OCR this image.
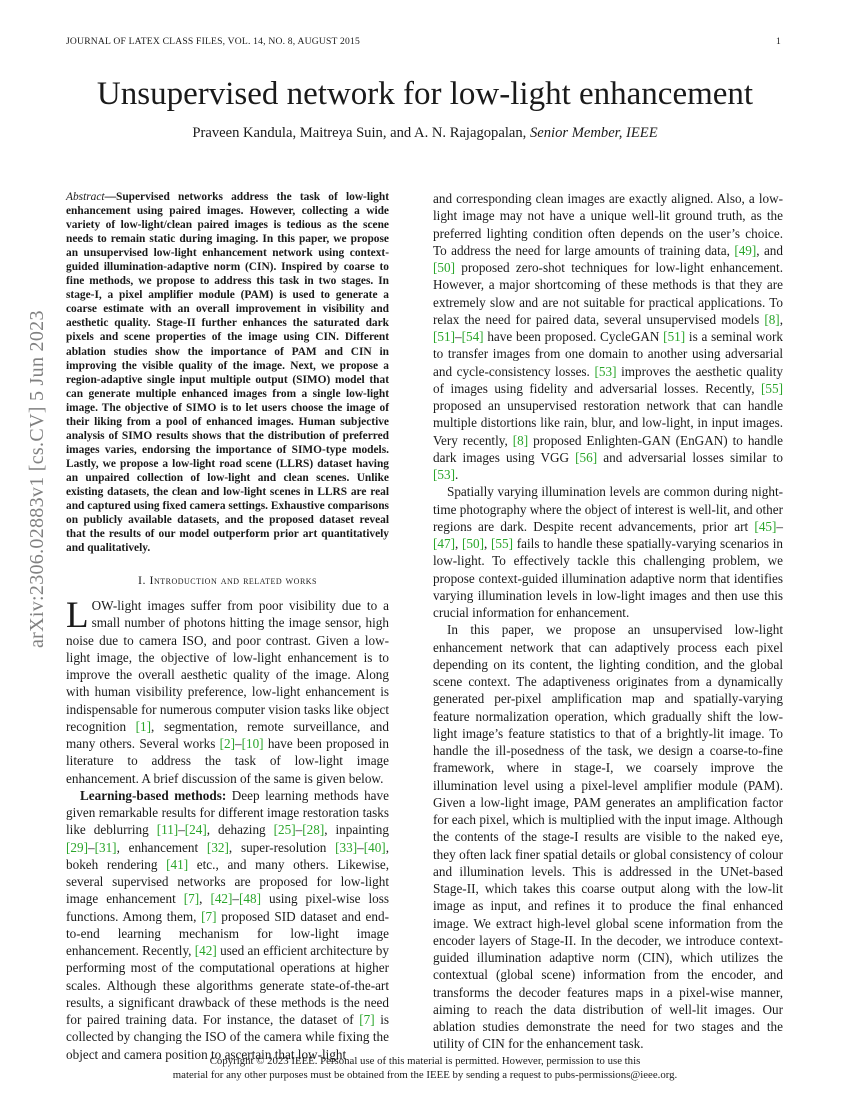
JOURNAL OF LATEX CLASS FILES, VOL. 14, NO. 8, AUGUST 2015	1
arXiv:2306.02883v1 [cs.CV] 5 Jun 2023
Unsupervised network for low-light enhancement
Praveen Kandula, Maitreya Suin, and A. N. Rajagopalan, Senior Member, IEEE
Abstract—Supervised networks address the task of low-light enhancement using paired images. However, collecting a wide variety of low-light/clean paired images is tedious as the scene needs to remain static during imaging. In this paper, we propose an unsupervised low-light enhancement network using context-guided illumination-adaptive norm (CIN). Inspired by coarse to fine methods, we propose to address this task in two stages. In stage-I, a pixel amplifier module (PAM) is used to generate a coarse estimate with an overall improvement in visibility and aesthetic quality. Stage-II further enhances the saturated dark pixels and scene properties of the image using CIN. Different ablation studies show the importance of PAM and CIN in improving the visible quality of the image. Next, we propose a region-adaptive single input multiple output (SIMO) model that can generate multiple enhanced images from a single low-light image. The objective of SIMO is to let users choose the image of their liking from a pool of enhanced images. Human subjective analysis of SIMO results shows that the distribution of preferred images varies, endorsing the importance of SIMO-type models. Lastly, we propose a low-light road scene (LLRS) dataset having an unpaired collection of low-light and clean scenes. Unlike existing datasets, the clean and low-light scenes in LLRS are real and captured using fixed camera settings. Exhaustive comparisons on publicly available datasets, and the proposed dataset reveal that the results of our model outperform prior art quantitatively and qualitatively.
I. Introduction and related works

LOW-light images suffer from poor visibility due to a small number of photons hitting the image sensor, high noise due to camera ISO, and poor contrast. Given a low-light image, the objective of low-light enhancement is to improve the overall aesthetic quality of the image. Along with human visibility preference, low-light enhancement is indispensable for numerous computer vision tasks like object recognition [1], segmentation, remote surveillance, and many others. Several works [2]–[10] have been proposed in literature to address the task of low-light image enhancement. A brief discussion of the same is given below.

Learning-based methods: Deep learning methods have given remarkable results for different image restoration tasks like deblurring [11]–[24], dehazing [25]–[28], inpainting [29]–[31], enhancement [32], super-resolution [33]–[40], bokeh rendering [41] etc., and many others. Likewise, several supervised networks are proposed for low-light image enhancement [7], [42]–[48] using pixel-wise loss functions. Among them, [7] proposed SID dataset and end-to-end learning mechanism for low-light image enhancement. Recently, [42] used an efficient architecture by performing most of the computational operations at higher scales. Although these algorithms generate state-of-the-art results, a significant drawback of these methods is the need for paired training data. For instance, the dataset of [7] is collected by changing the ISO of the camera while fixing the object and camera position to ascertain that low-light

and corresponding clean images are exactly aligned. Also, a low-light image may not have a unique well-lit ground truth, as the preferred lighting condition often depends on the user’s choice. To address the need for large amounts of training data, [49], and [50] proposed zero-shot techniques for low-light enhancement. However, a major shortcoming of these methods is that they are extremely slow and are not suitable for practical applications. To relax the need for paired data, several unsupervised models [8], [51]–[54] have been proposed. CycleGAN [51] is a seminal work to transfer images from one domain to another using adversarial and cycle-consistency losses. [53] improves the aesthetic quality of images using fidelity and adversarial losses. Recently, [55] proposed an unsupervised restoration network that can handle multiple distortions like rain, blur, and low-light, in input images. Very recently, [8] proposed Enlighten-GAN (EnGAN) to handle dark images using VGG [56] and adversarial losses similar to [53].

Spatially varying illumination levels are common during night-time photography where the object of interest is well-lit, and other regions are dark. Despite recent advancements, prior art [45]–[47], [50], [55] fails to handle these spatially-varying scenarios in low-light. To effectively tackle this challenging problem, we propose context-guided illumination adaptive norm that identifies varying illumination levels in low-light images and then use this crucial information for enhancement.

In this paper, we propose an unsupervised low-light enhancement network that can adaptively process each pixel depending on its content, the lighting condition, and the global scene context. The adaptiveness originates from a dynamically generated per-pixel amplification map and spatially-varying feature normalization operation, which gradually shift the low-light image’s feature statistics to that of a brightly-lit image. To handle the ill-posedness of the task, we design a coarse-to-fine framework, where in stage-I, we coarsely improve the illumination level using a pixel-level amplifier module (PAM). Given a low-light image, PAM generates an amplification factor for each pixel, which is multiplied with the input image. Although the contents of the stage-I results are visible to the naked eye, they often lack finer spatial details or global consistency of colour and illumination levels. This is addressed in the UNet-based Stage-II, which takes this coarse output along with the low-lit image as input, and refines it to produce the final enhanced image. We extract high-level global scene information from the encoder layers of Stage-II. In the decoder, we introduce context-guided illumination adaptive norm (CIN), which utilizes the contextual (global scene) information from the encoder, and transforms the decoder features maps in a pixel-wise manner, aiming to reach the data distribution of well-lit images. Our ablation studies demonstrate the need for two stages and the utility of CIN for the enhancement task.

Copyright © 2023 IEEE. Personal use of this material is permitted. However, permission to use this
material for any other purposes must be obtained from the IEEE by sending a request to pubs-permissions@ieee.org.
